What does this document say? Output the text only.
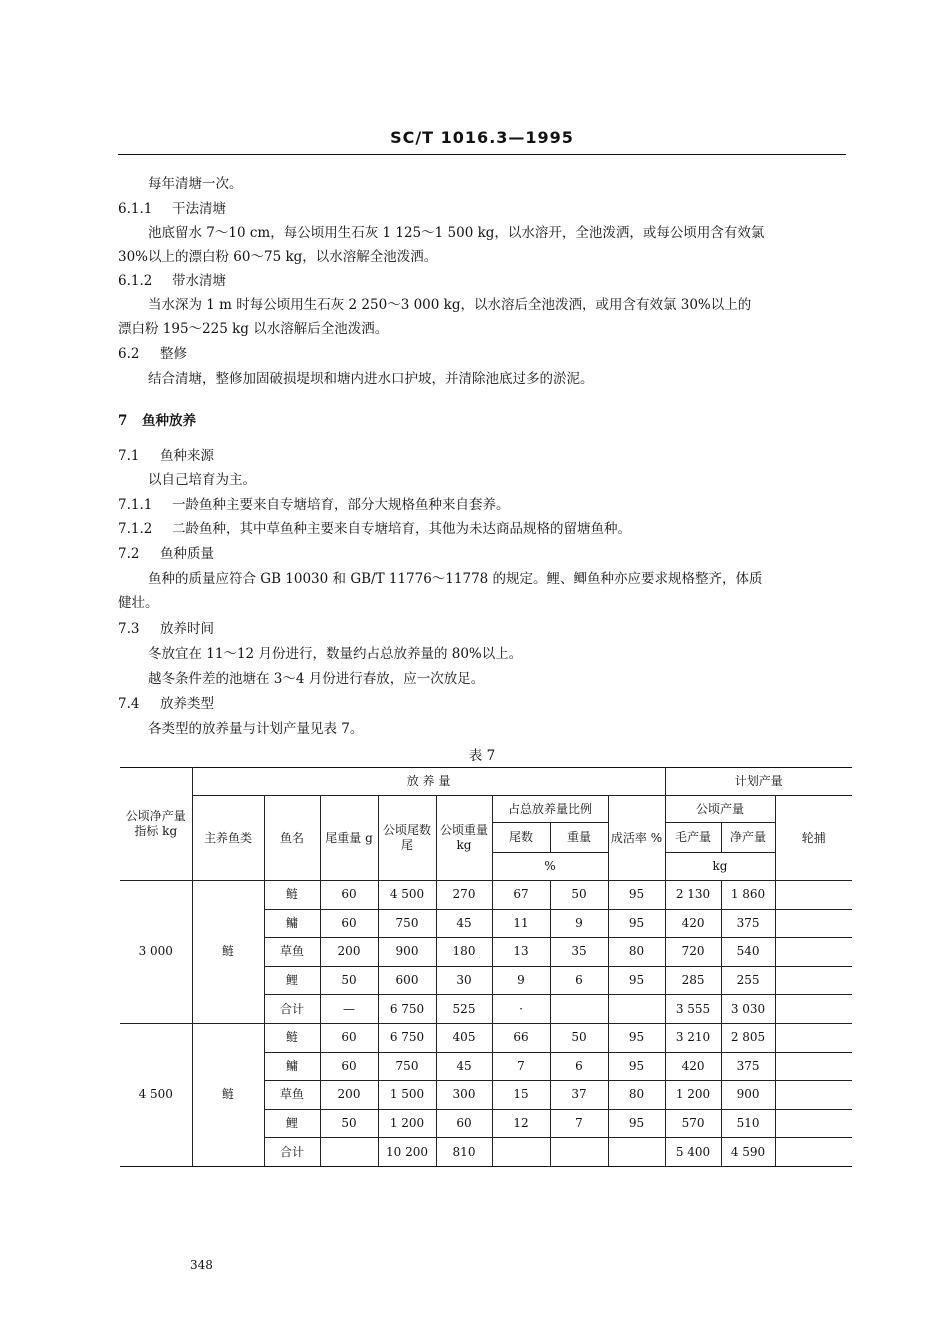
SC/T 1016.3—1995
每年清塘一次。
6.1.1 干法清塘
池底留水 7～10 cm，每公顷用生石灰 1 125～1 500 kg，以水溶开，全池泼洒，或每公顷用含有效氯
30%以上的漂白粉 60～75 kg，以水溶解全池泼洒。
6.1.2 带水清塘
当水深为 1 m 时每公顷用生石灰 2 250～3 000 kg，以水溶后全池泼洒，或用含有效氯 30%以上的
漂白粉 195～225 kg 以水溶解后全池泼洒。
6.2 整修
结合清塘，整修加固破损堤坝和塘内进水口护坡，并清除池底过多的淤泥。
7 鱼种放养
7.1 鱼种来源
以自己培育为主。
7.1.1 一龄鱼种主要来自专塘培育，部分大规格鱼种来自套养。
7.1.2 二龄鱼种，其中草鱼种主要来自专塘培育，其他为未达商品规格的留塘鱼种。
7.2 鱼种质量
鱼种的质量应符合 GB 10030 和 GB/T 11776～11778 的规定。鲤、鲫鱼种亦应要求规格整齐，体质
健壮。
7.3 放养时间
冬放宜在 11～12 月份进行，数量约占总放养量的 80%以上。
越冬条件差的池塘在 3～4 月份进行春放，应一次放足。
7.4 放养类型
各类型的放养量与计划产量见表 7。
表 7
公顷净产量指标 kg	放 养 量								计划产量		
	主养鱼类	鱼名	尾重量 g	公顷尾数 尾	公顷重量 kg	占总放养量比例		成活率 %	公顷产量		轮捕
						尾数	重量		毛产量	净产量	
						%			kg		
3 000	鲢	鲢	60	4 500	270	67	50	95	2 130	1 860	
		鳙	60	750	45	11	9	95	420	375	
		草鱼	200	900	180	13	35	80	720	540	
		鲤	50	600	30	9	6	95	285	255	
		合计	—	6 750	525	·			3 555	3 030	
4 500	鲢	鲢	60	6 750	405	66	50	95	3 210	2 805	
		鳙	60	750	45	7	6	95	420	375	
		草鱼	200	1 500	300	15	37	80	1 200	900	
		鲤	50	1 200	60	12	7	95	570	510	
		合计		10 200	810				5 400	4 590	
348
